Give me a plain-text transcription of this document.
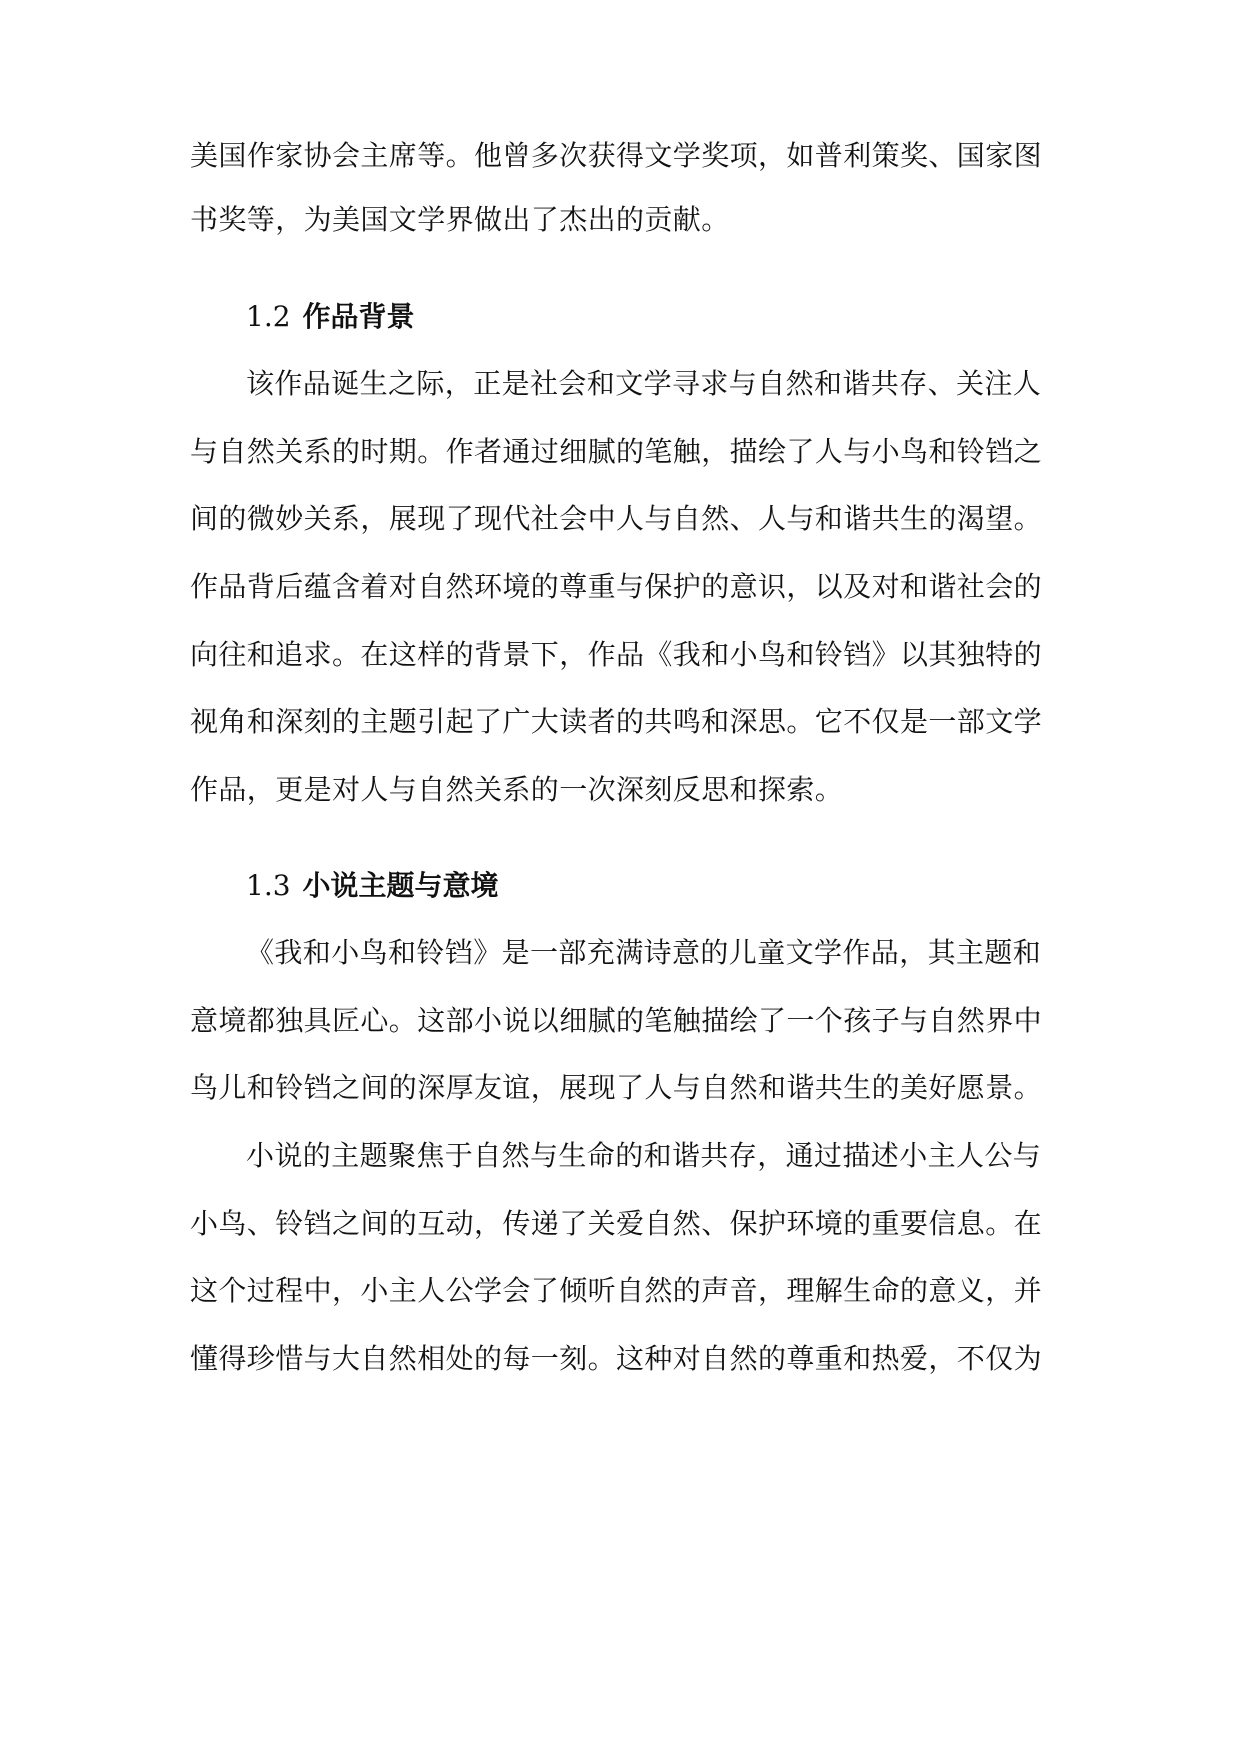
美国作家协会主席等。他曾多次获得文学奖项，如普利策奖、国家图
书奖等，为美国文学界做出了杰出的贡献。
1.2 作品背景
该作品诞生之际，正是社会和文学寻求与自然和谐共存、关注人
与自然关系的时期。作者通过细腻的笔触，描绘了人与小鸟和铃铛之
间的微妙关系，展现了现代社会中人与自然、人与和谐共生的渴望。
作品背后蕴含着对自然环境的尊重与保护的意识，以及对和谐社会的
向往和追求。在这样的背景下，作品《我和小鸟和铃铛》以其独特的
视角和深刻的主题引起了广大读者的共鸣和深思。它不仅是一部文学
作品，更是对人与自然关系的一次深刻反思和探索。
1.3 小说主题与意境
《我和小鸟和铃铛》是一部充满诗意的儿童文学作品，其主题和
意境都独具匠心。这部小说以细腻的笔触描绘了一个孩子与自然界中
鸟儿和铃铛之间的深厚友谊，展现了人与自然和谐共生的美好愿景。
小说的主题聚焦于自然与生命的和谐共存，通过描述小主人公与
小鸟、铃铛之间的互动，传递了关爱自然、保护环境的重要信息。在
这个过程中，小主人公学会了倾听自然的声音，理解生命的意义，并
懂得珍惜与大自然相处的每一刻。这种对自然的尊重和热爱，不仅为
